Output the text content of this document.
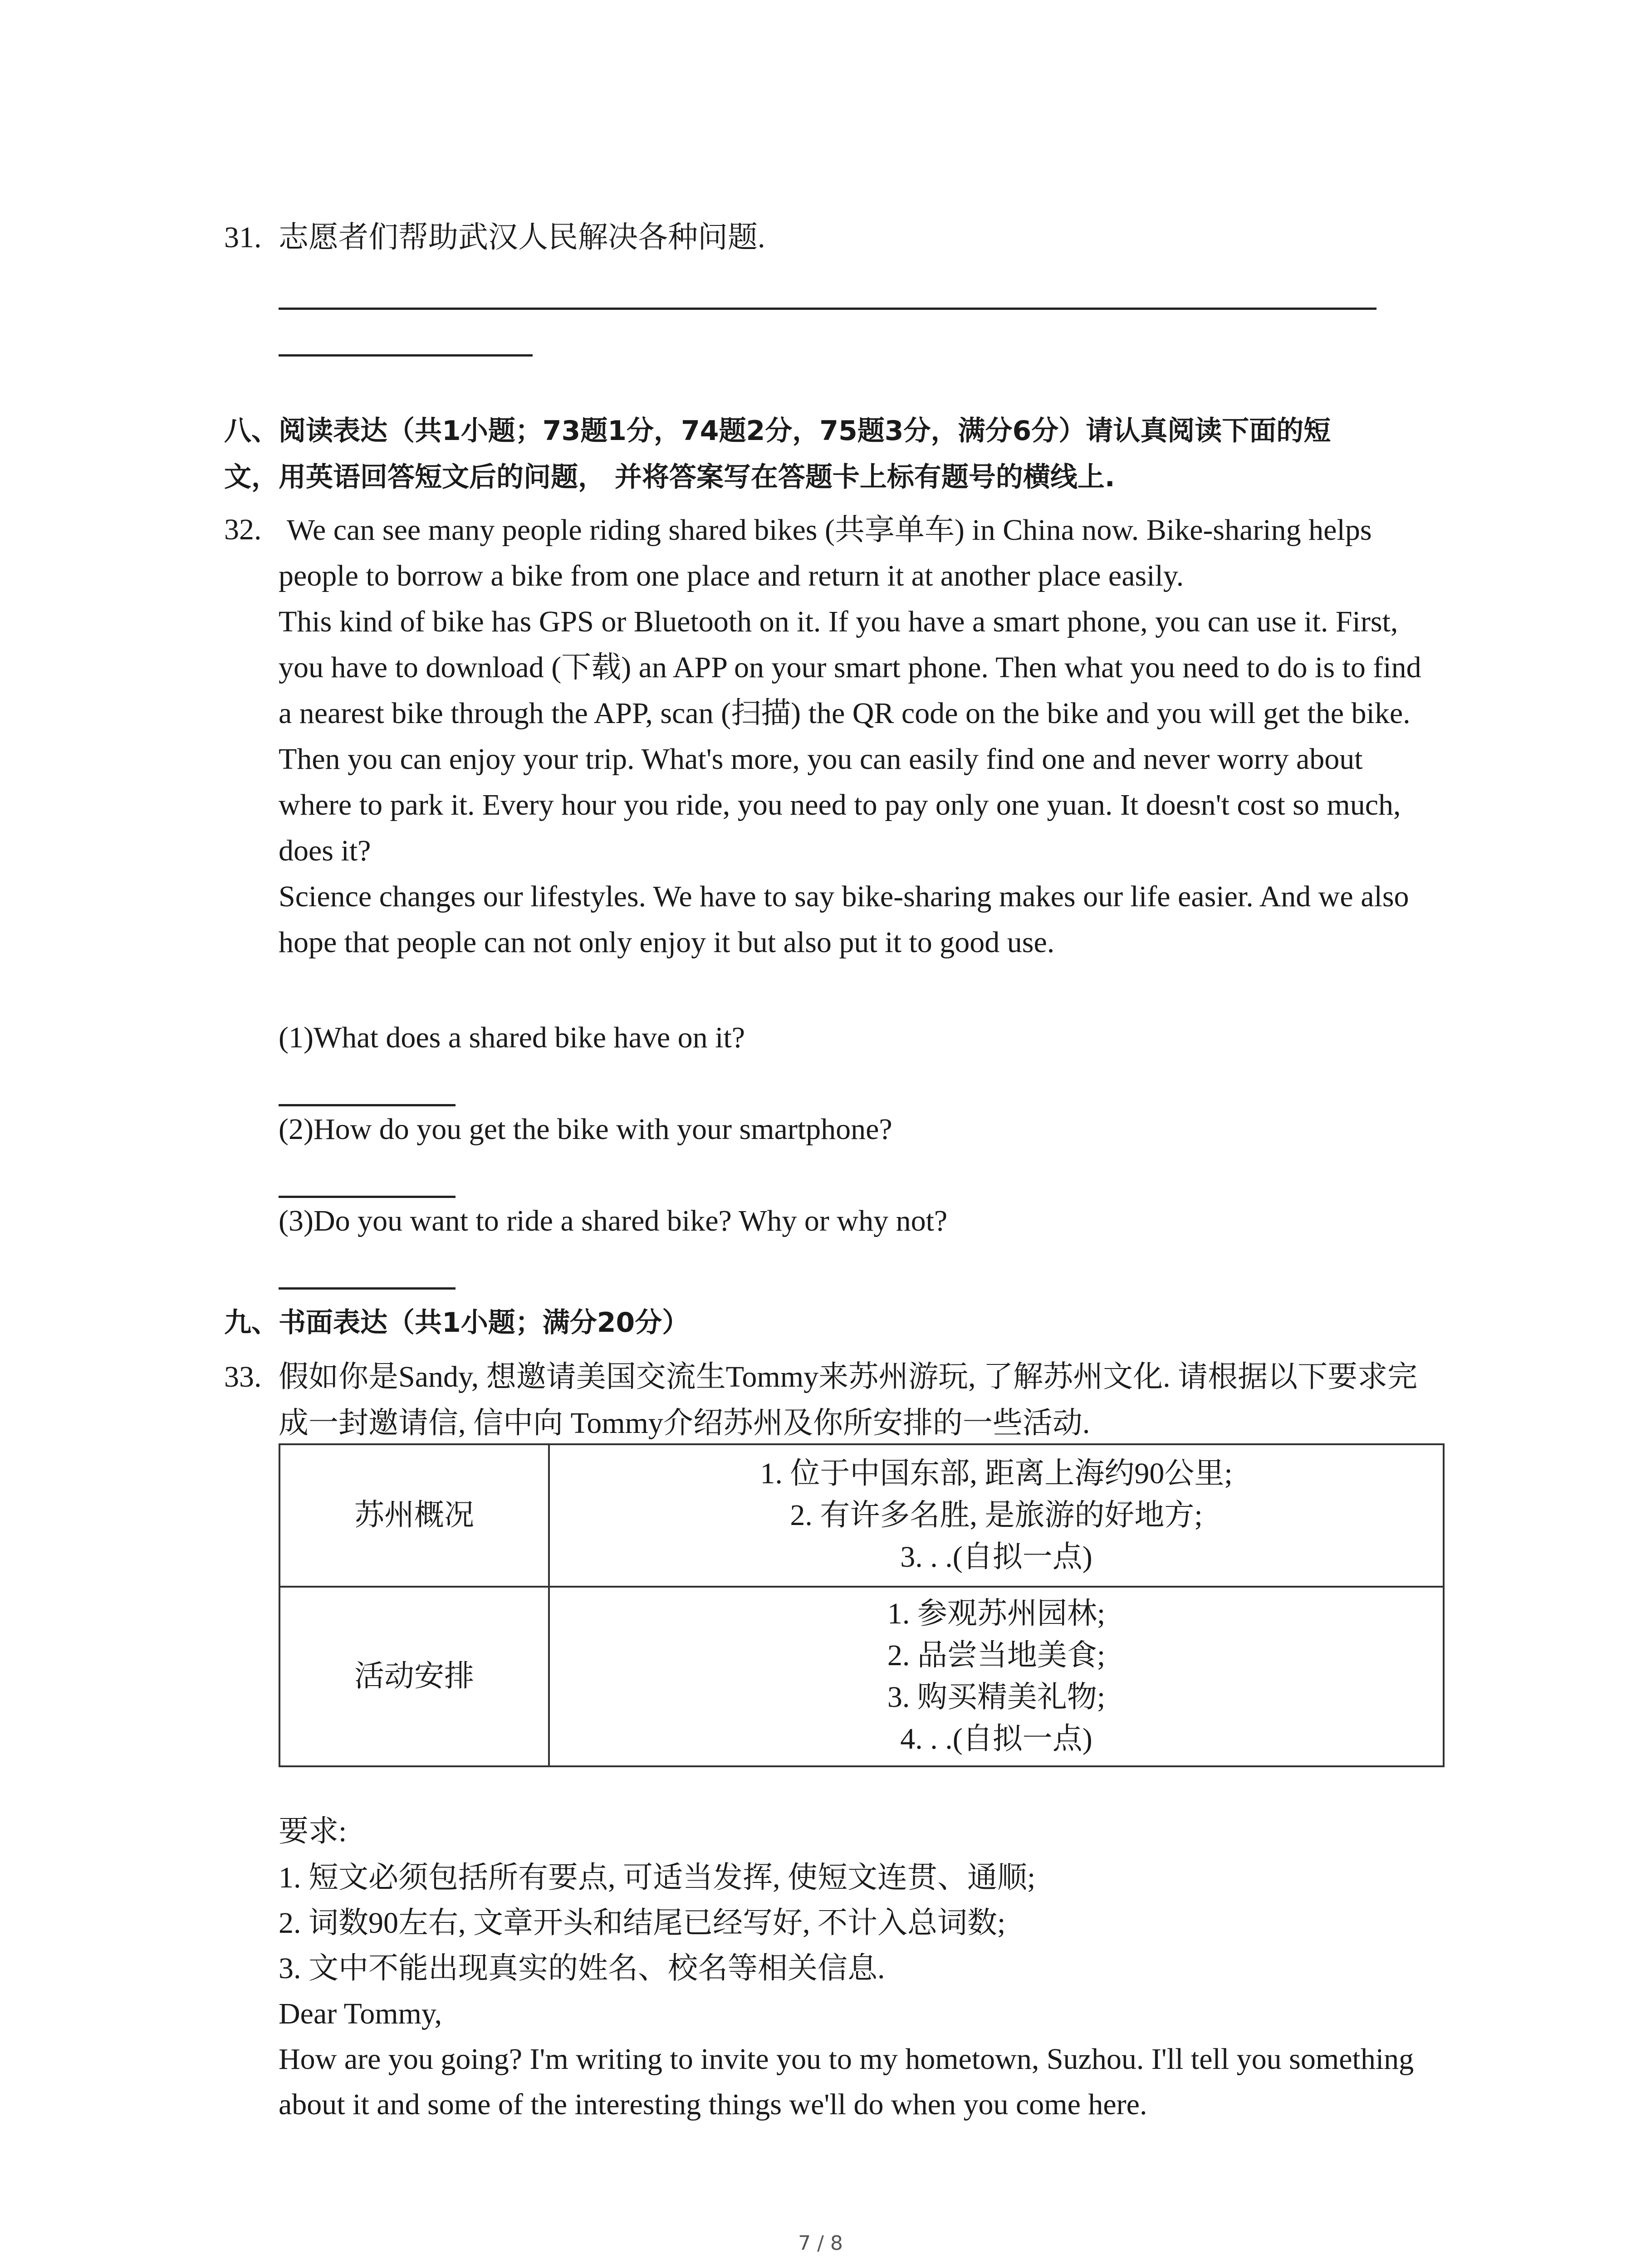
31. 志愿者们帮助武汉人民解决各种问题.
八、阅读表达（共1小题；73题1分，74题2分，75题3分，满分6分）请认真阅读下面的短
文，用英语回答短文后的问题， 并将答案写在答题卡上标有题号的横线上.
32. We can see many people riding shared bikes (共享单车) in China now. Bike-sharing helps
people to borrow a bike from one place and return it at another place easily.
This kind of bike has GPS or Bluetooth on it. If you have a smart phone, you can use it. First,
you have to download (下载) an APP on your smart phone. Then what you need to do is to find
a nearest bike through the APP, scan (扫描) the QR code on the bike and you will get the bike.
Then you can enjoy your trip. What's more, you can easily find one and never worry about
where to park it. Every hour you ride, you need to pay only one yuan. It doesn't cost so much,
does it?
Science changes our lifestyles. We have to say bike-sharing makes our life easier. And we also
hope that people can not only enjoy it but also put it to good use.
(1)What does a shared bike have on it?
(2)How do you get the bike with your smartphone?
(3)Do you want to ride a shared bike? Why or why not?
九、书面表达（共1小题；满分20分）
33. 假如你是Sandy, 想邀请美国交流生Tommy来苏州游玩, 了解苏州文化. 请根据以下要求完
成一封邀请信, 信中向 Tommy介绍苏州及你所安排的一些活动.
苏州概况	1. 位于中国东部, 距离上海约90公里;
2. 有许多名胜, 是旅游的好地方;
3. . .(自拟一点)

活动安排	1. 参观苏州园林;
2. 品尝当地美食;
3. 购买精美礼物;
4. . .(自拟一点)
要求:
1. 短文必须包括所有要点, 可适当发挥, 使短文连贯、通顺;
2. 词数90左右, 文章开头和结尾已经写好, 不计入总词数;
3. 文中不能出现真实的姓名、校名等相关信息.
Dear Tommy,
How are you going? I'm writing to invite you to my hometown, Suzhou. I'll tell you something
about it and some of the interesting things we'll do when you come here.
7 / 8
